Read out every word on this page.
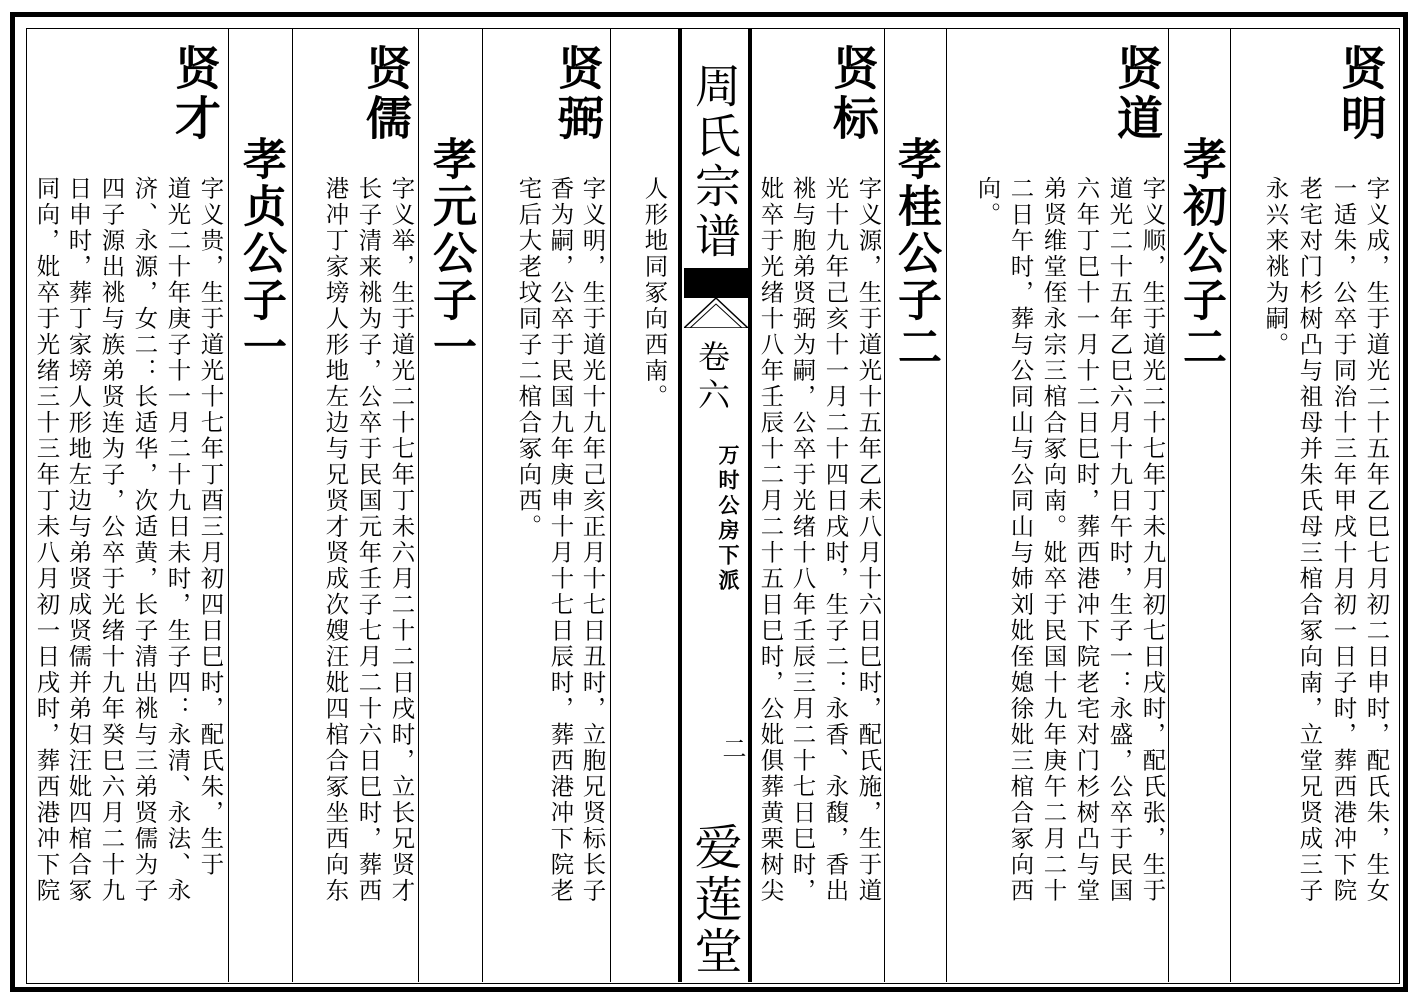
周氏宗谱
卷六
万时公房下派
二
爱莲堂
贤明
字义成，生于道光二十五年乙巳七月初二日申时，配氏朱，生女
一适朱，公卒于同治十三年甲戌十月初一日子时，葬西港冲下院
老宅对门杉树凸与祖母并朱氏母三棺合冢向南，立堂兄贤成三子
永兴来祧为嗣。
孝初公子二
贤道
字义顺，生于道光二十七年丁未九月初七日戌时，配氏张，生于
道光二十五年乙巳六月十九日午时，生子一：永盛，公卒于民国
六年丁巳十一月十二日巳时，葬西港冲下院老宅对门杉树凸与堂
弟贤维堂侄永宗三棺合冢向南。妣卒于民国十九年庚午二月二十
二日午时，葬与公同山与公同山与姉刘妣侄媳徐妣三棺合冢向西
向。
孝桂公子二
贤标
字义源，生于道光十五年乙未八月十六日巳时，配氏施，生于道
光十九年己亥十一月二十四日戌时，生子二：永香、永馥，香出
祧与胞弟贤弼为嗣，公卒于光绪十八年壬辰三月二十七日巳时，
妣卒于光绪十八年壬辰十二月二十五日巳时，公妣俱葬黄栗树尖
人形地同冢向西南。
贤弼
字义明，生于道光十九年己亥正月十七日丑时，立胞兄贤标长子
香为嗣，公卒于民国九年庚申十月十七日辰时，葬西港冲下院老
宅后大老坟同子二棺合冢向西。
孝元公子一
贤儒
字义举，生于道光二十七年丁未六月二十二日戌时，立长兄贤才
长子清来祧为子，公卒于民国元年壬子七月二十六日巳时，葬西
港冲丁家塝人形地左边与兄贤才贤成次嫂汪妣四棺合冢坐西向东
孝贞公子一
贤才
字义贵，生于道光十七年丁酉三月初四日巳时，配氏朱，生于
道光二十年庚子十一月二十九日未时，生子四：永清、永法、永
济、永源，女二：长适华，次适黄，长子清出祧与三弟贤儒为子
四子源出祧与族弟贤连为子，公卒于光绪十九年癸巳六月二十九
日申时，葬丁家塝人形地左边与弟贤成贤儒并弟妇汪妣四棺合冢
同向，妣卒于光绪三十三年丁未八月初一日戌时，葬西港冲下院
